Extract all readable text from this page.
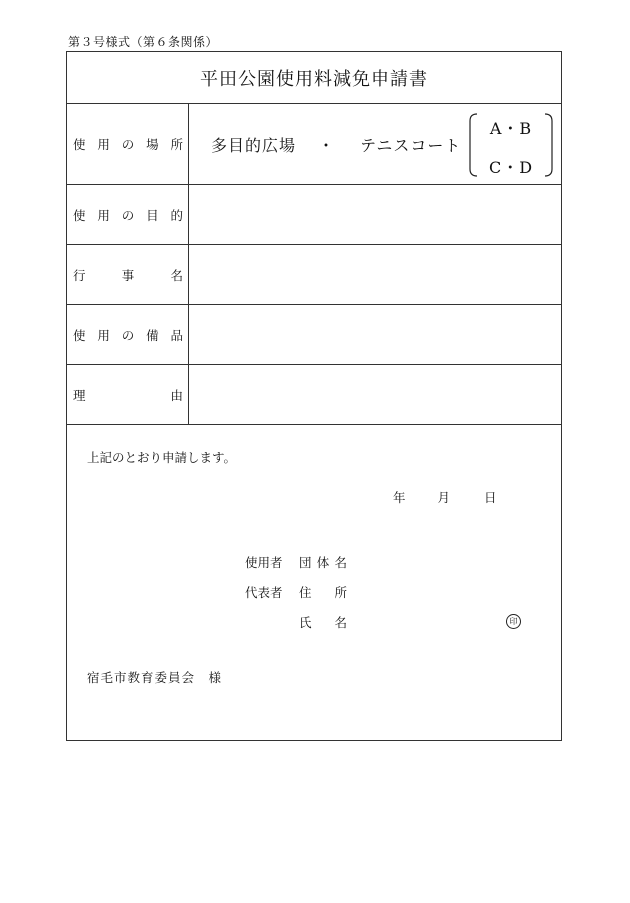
第３号様式（第６条関係）
平田公園使用料減免申請書
使 用 の 場 所 多目的広場 ・ テニスコート
A・B
C・D
使 用 の 目 的
行	事	名
使 用 の 備 品
理	由
上記のとおり申請します。
年	月	日
使用者	団 体 名
代表者	住 所
氏 名	印
宿毛市教育委員会　様
